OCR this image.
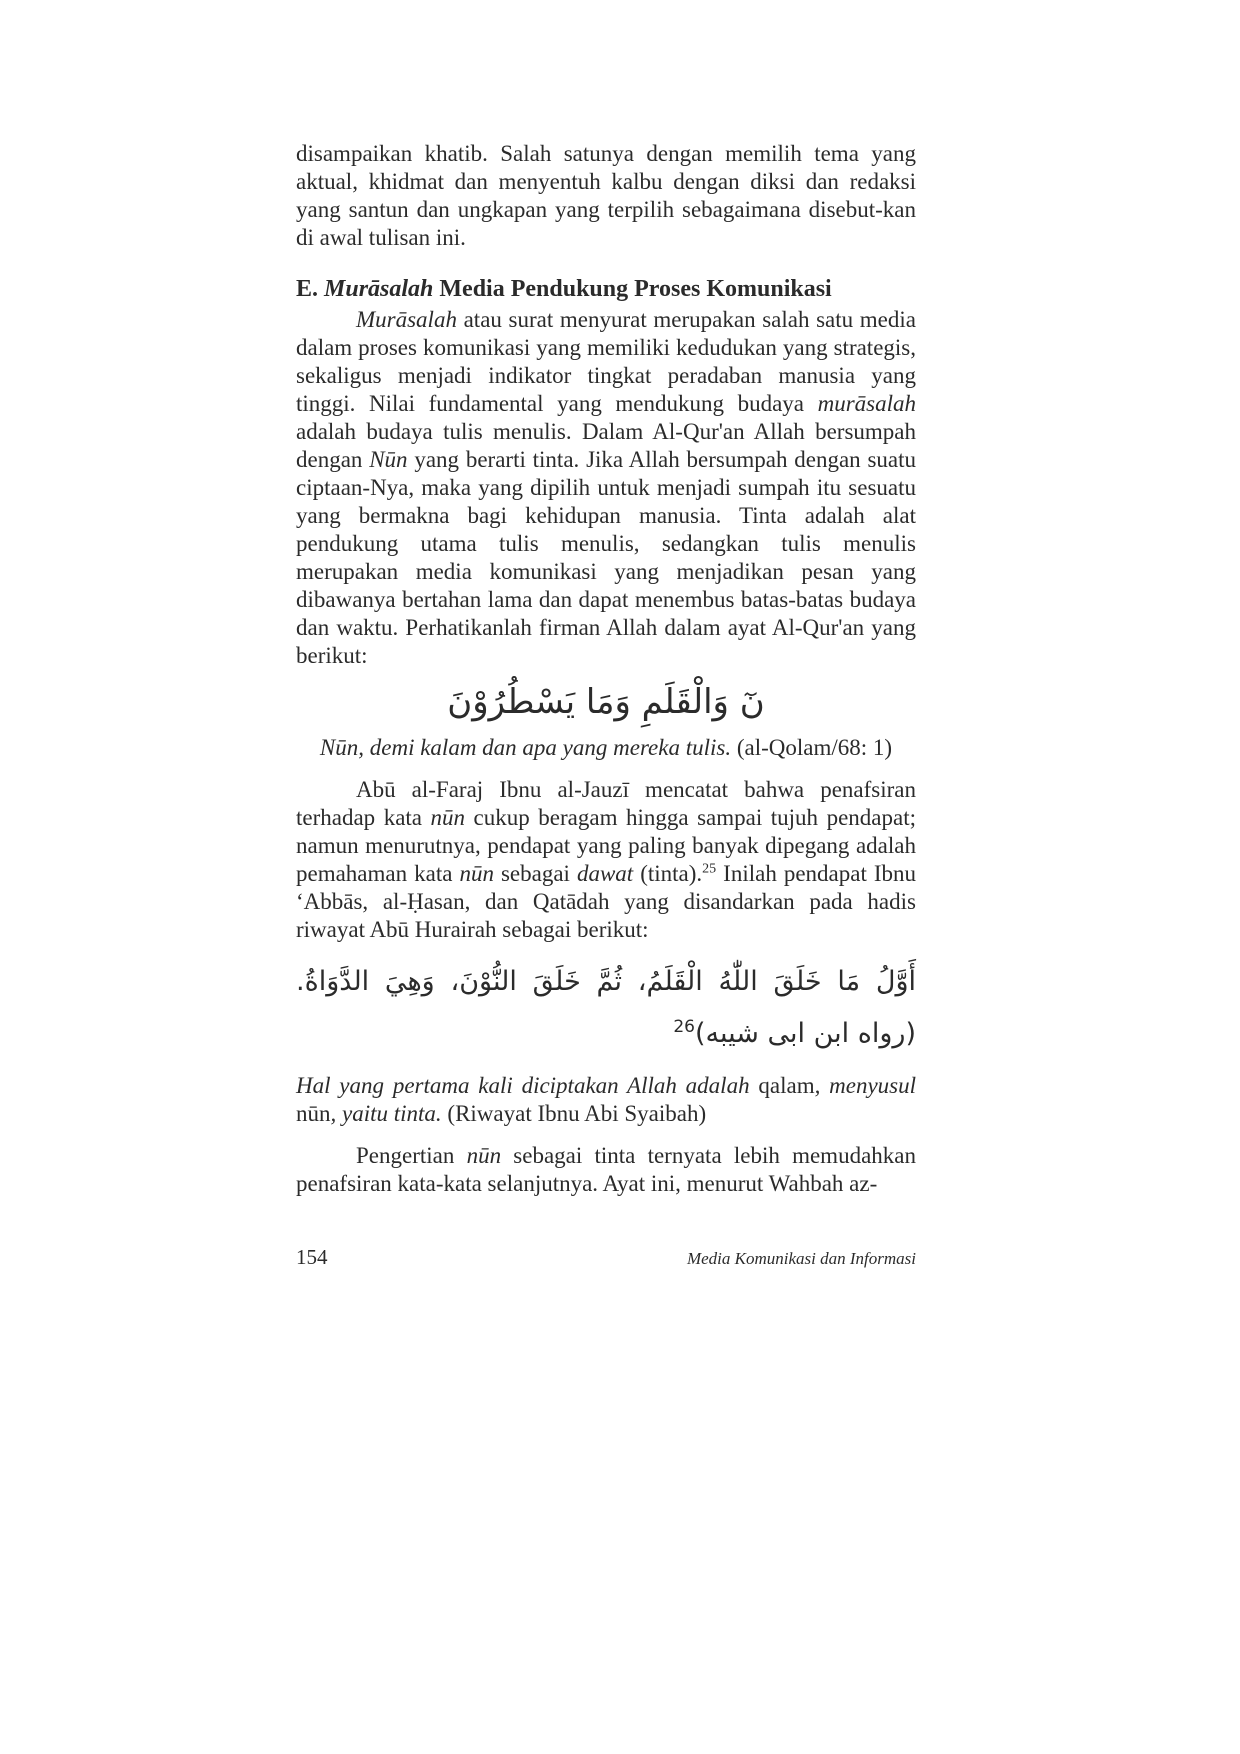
disampaikan khatib. Salah satunya dengan memilih tema yang aktual, khidmat dan menyentuh kalbu dengan diksi dan redaksi yang santun dan ungkapan yang terpilih sebagaimana disebut-kan di awal tulisan ini.

E. Murāsalah Media Pendukung Proses Komunikasi

Murāsalah atau surat menyurat merupakan salah satu media dalam proses komunikasi yang memiliki kedudukan yang strategis, sekaligus menjadi indikator tingkat peradaban manusia yang tinggi. Nilai fundamental yang mendukung budaya murāsalah adalah budaya tulis menulis. Dalam Al-Qur'an Allah bersumpah dengan Nūn yang berarti tinta. Jika Allah bersumpah dengan suatu ciptaan-Nya, maka yang dipilih untuk menjadi sumpah itu sesuatu yang bermakna bagi kehidupan manusia. Tinta adalah alat pendukung utama tulis menulis, sedangkan tulis menulis merupakan media komunikasi yang menjadikan pesan yang dibawanya bertahan lama dan dapat menembus batas-batas budaya dan waktu. Perhatikanlah firman Allah dalam ayat Al-Qur'an yang berikut:

نٓ وَالْقَلَمِ وَمَا يَسْطُرُوْنَ

Nūn, demi kalam dan apa yang mereka tulis. (al-Qolam/68: 1)

Abū al-Faraj Ibnu al-Jauzī mencatat bahwa penafsiran terhadap kata nūn cukup beragam hingga sampai tujuh pendapat; namun menurutnya, pendapat yang paling banyak dipegang adalah pemahaman kata nūn sebagai dawat (tinta).$^{25}$ Inilah pendapat Ibnu ‘Abbās, al-Ḥasan, dan Qatādah yang disandarkan pada hadis riwayat Abū Hurairah sebagai berikut:

أَوَّلُ مَا خَلَقَ اللّٰهُ الْقَلَمُ، ثُمَّ خَلَقَ النُّوْنَ، وَهِيَ الدَّوَاةُ. (رواه ابن ابى شيبه)$^{26}$

Hal yang pertama kali diciptakan Allah adalah qalam, menyusul nūn, yaitu tinta. (Riwayat Ibnu Abi Syaibah)

Pengertian nūn sebagai tinta ternyata lebih memudahkan penafsiran kata-kata selanjutnya. Ayat ini, menurut Wahbah az-

154	Media Komunikasi dan Informasi
